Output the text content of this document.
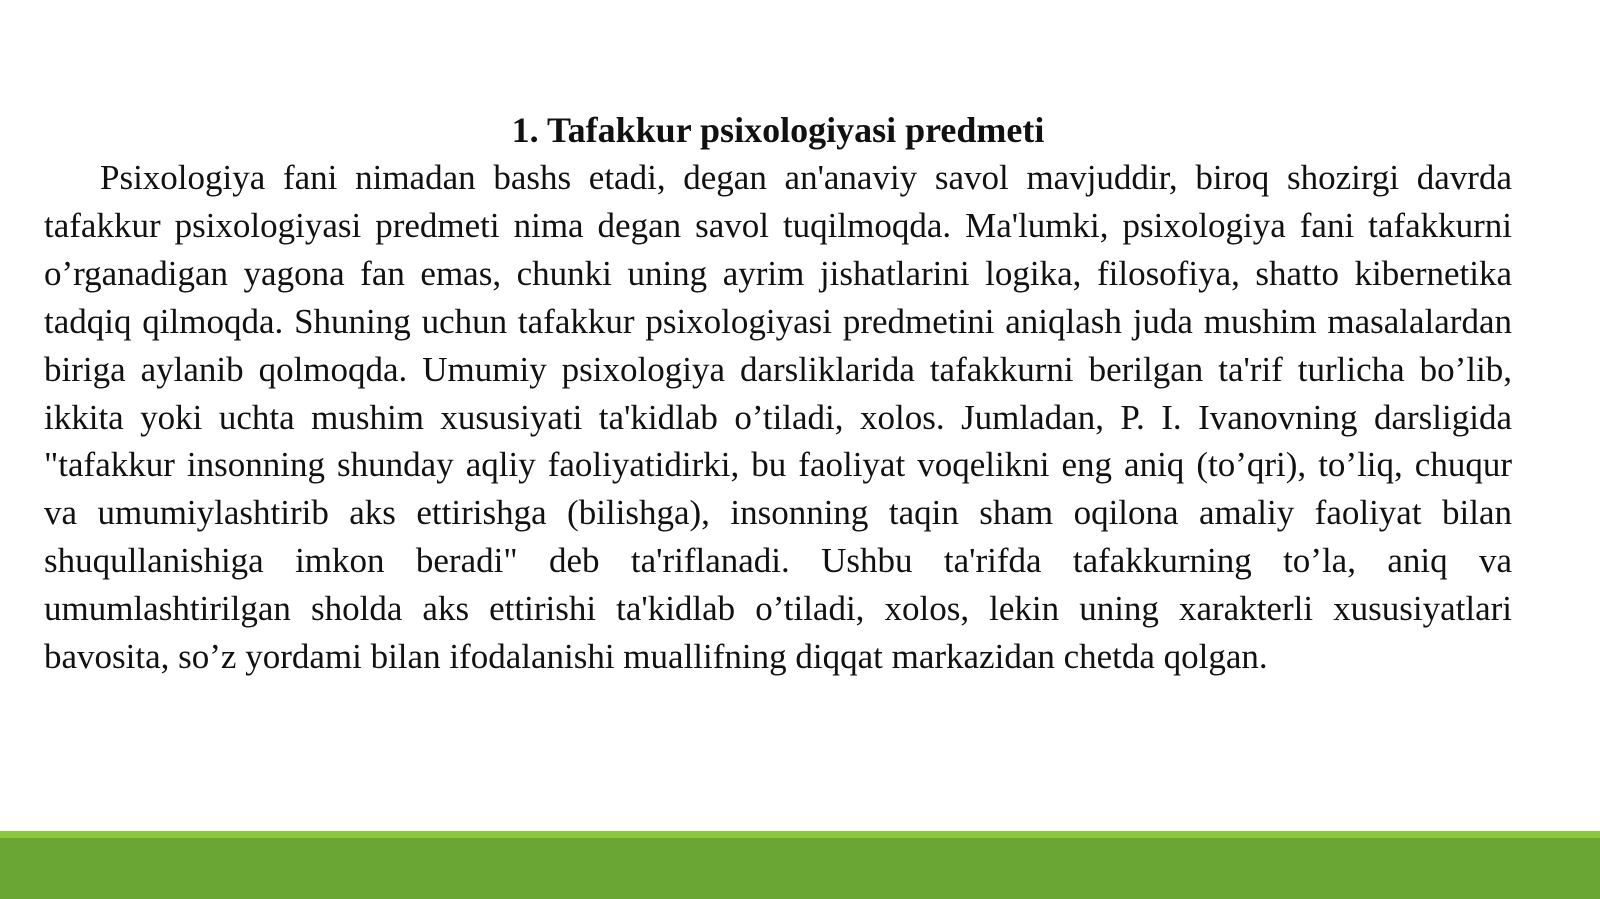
1. Tafakkur psixologiyasi predmeti

Psixologiya fani nimadan bashs etadi, degan an'anaviy savol mavjuddir, biroq shozirgi davrda tafakkur psixologiyasi predmeti nima degan savol tuqilmoqda. Ma'lumki, psixologiya fani tafakkurni o’rganadigan yagona fan emas, chunki uning ayrim jishatlarini logika, filosofiya, shatto kibernetika tadqiq qilmoqda. Shuning uchun tafakkur psixologiyasi predmetini aniqlash juda mushim masalalardan biriga aylanib qolmoqda. Umumiy psixologiya darsliklarida tafakkurni berilgan ta'rif turlicha bo’lib, ikkita yoki uchta mushim xususiyati ta'kidlab o’tiladi, xolos. Jumladan, P. I. Ivanovning darsligida "tafakkur insonning shunday aqliy faoliyatidirki, bu faoliyat voqelikni eng aniq (to’qri), to’liq, chuqur va umumiylashtirib aks ettirishga (bilishga), insonning taqin sham oqilona amaliy faoliyat bilan shuqullanishiga imkon beradi" deb ta'riflanadi. Ushbu ta'rifda tafakkurning to’la, aniq va umumlashtirilgan sholda aks ettirishi ta'kidlab o’tiladi, xolos, lekin uning xarakterli xususiyatlari bavosita, so’z yordami bilan ifodalanishi muallifning diqqat markazidan chetda qolgan.
